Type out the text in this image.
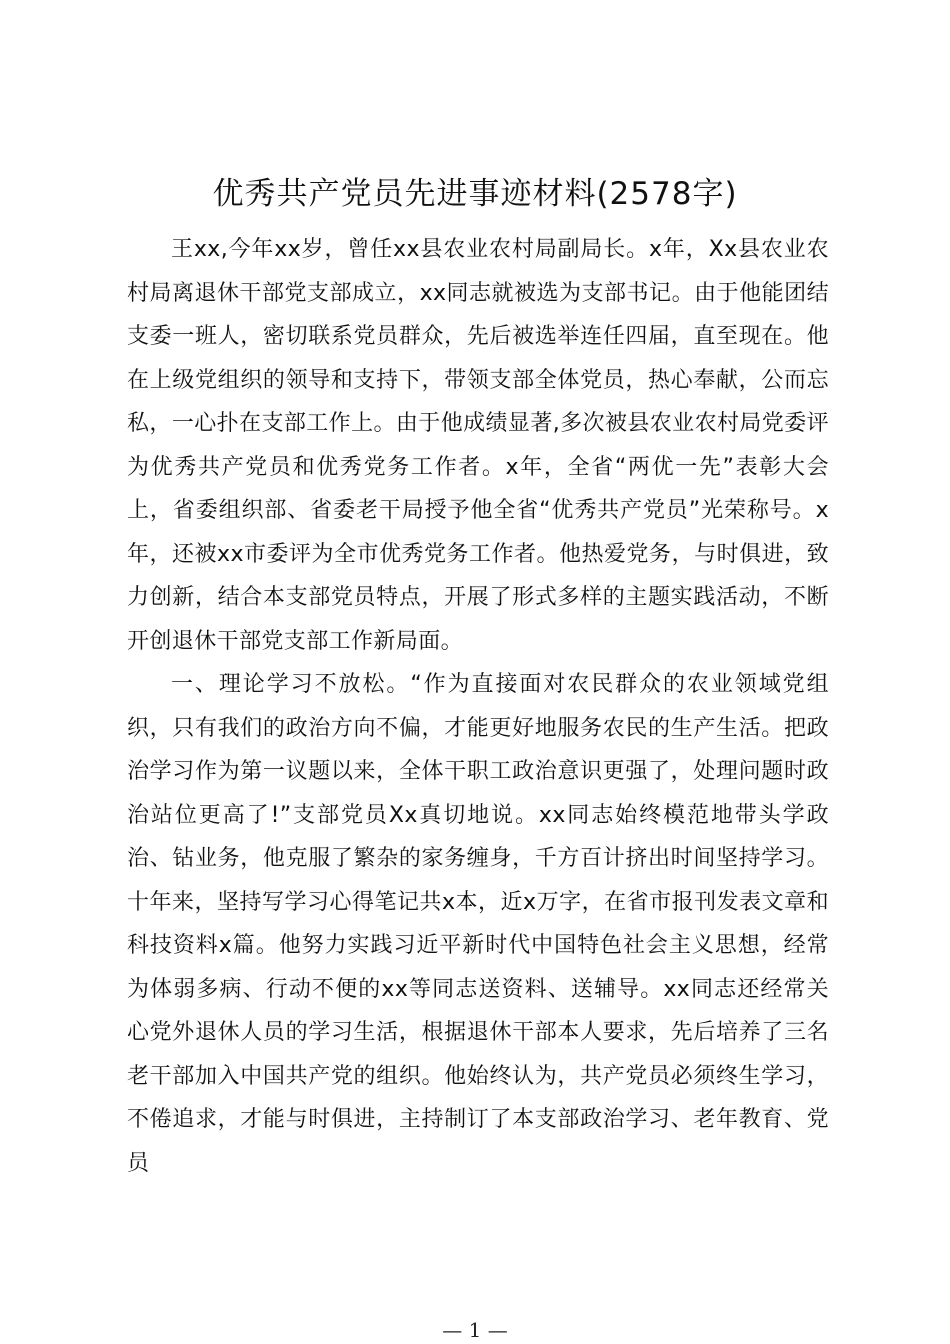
优秀共产党员先进事迹材料(2578字)

王xx,今年xx岁，曾任xx县农业农村局副局长。x年，Xx县农业农村局离退休干部党支部成立，xx同志就被选为支部书记。由于他能团结支委一班人，密切联系党员群众，先后被选举连任四届，直至现在。他在上级党组织的领导和支持下，带领支部全体党员，热心奉献，公而忘私，一心扑在支部工作上。由于他成绩显著,多次被县农业农村局党委评为优秀共产党员和优秀党务工作者。x年，全省“两优一先”表彰大会上，省委组织部、省委老干局授予他全省“优秀共产党员”光荣称号。x年，还被xx市委评为全市优秀党务工作者。他热爱党务，与时俱进，致力创新，结合本支部党员特点，开展了形式多样的主题实践活动，不断开创退休干部党支部工作新局面。

一、理论学习不放松。“作为直接面对农民群众的农业领域党组织，只有我们的政治方向不偏，才能更好地服务农民的生产生活。把政治学习作为第一议题以来，全体干职工政治意识更强了，处理问题时政治站位更高了!”支部党员Xx真切地说。xx同志始终模范地带头学政治、钻业务，他克服了繁杂的家务缠身，千方百计挤出时间坚持学习。十年来，坚持写学习心得笔记共x本，近x万字，在省市报刊发表文章和科技资料x篇。他努力实践习近平新时代中国特色社会主义思想，经常为体弱多病、行动不便的xx等同志送资料、送辅导。xx同志还经常关心党外退休人员的学习生活，根据退休干部本人要求，先后培养了三名老干部加入中国共产党的组织。他始终认为，共产党员必须终生学习，不倦追求，才能与时俱进，主持制订了本支部政治学习、老年教育、党员

— 1 —
